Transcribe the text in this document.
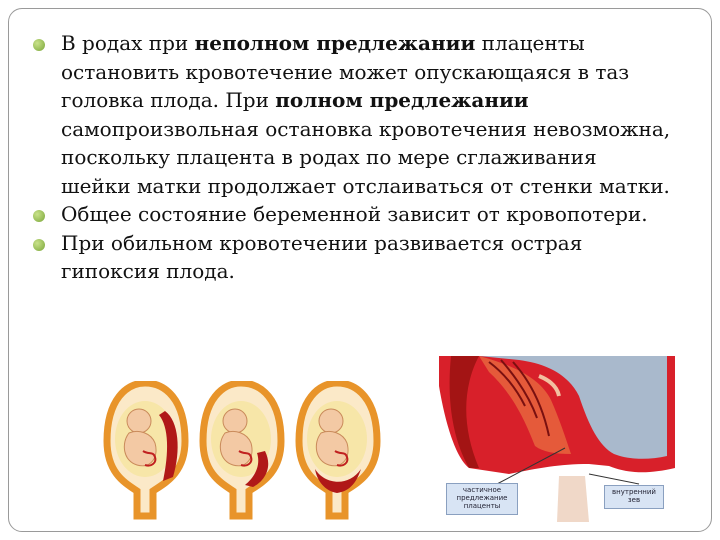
В родах при неполном предлежании плаценты остановить кровотечение может опускающаяся в таз головка плода. При полном предлежании самопроизвольная остановка кровотечения невозможна, поскольку плацента в родах по мере сглаживания шейки матки продолжает отслаиваться от стенки матки.
Общее состояние беременной зависит от кровопотери.
При обильном кровотечении развивается острая гипоксия плода.
частичное
предлежание
плаценты
внутренний
зев
